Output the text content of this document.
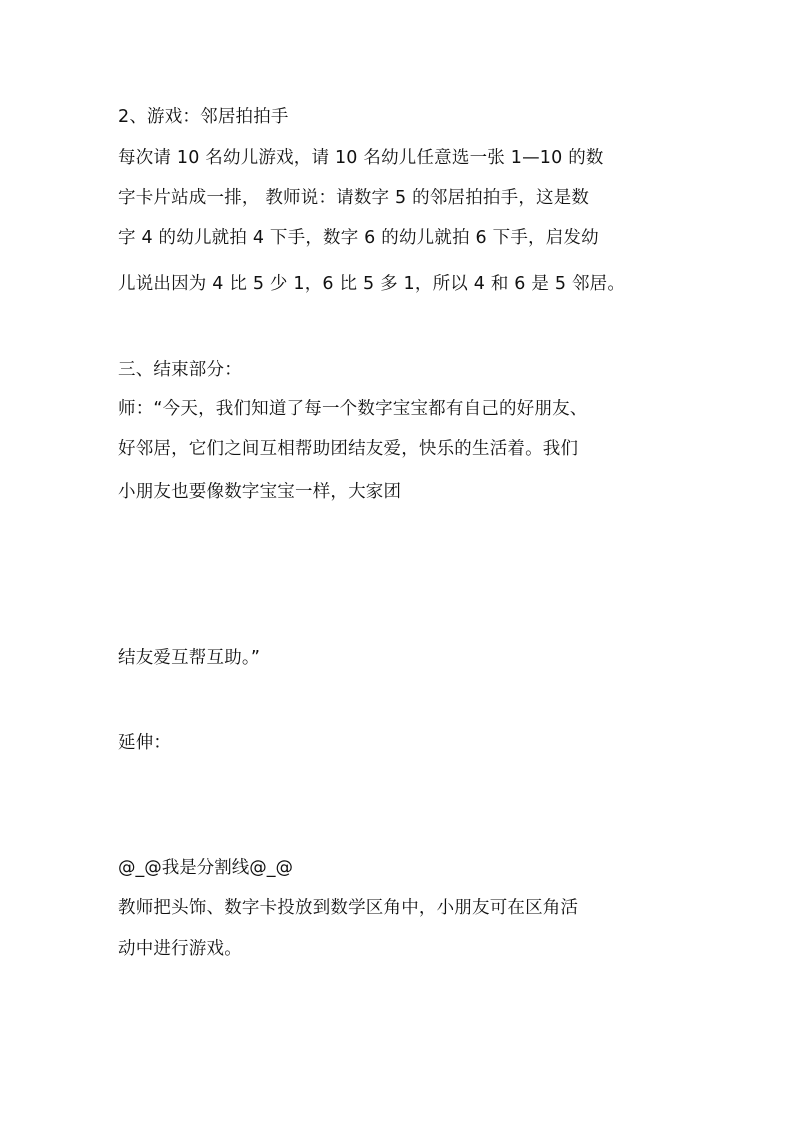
2、游戏：邻居拍拍手
每次请 10 名幼儿游戏，请 10 名幼儿任意选一张 1—10 的数
字卡片站成一排， 教师说：请数字 5 的邻居拍拍手，这是数
字 4 的幼儿就拍 4 下手，数字 6 的幼儿就拍 6 下手，启发幼
儿说出因为 4 比 5 少 1，6 比 5 多 1，所以 4 和 6 是 5 邻居。
三、结束部分：
师：“今天，我们知道了每一个数字宝宝都有自己的好朋友、
好邻居，它们之间互相帮助团结友爱，快乐的生活着。我们
小朋友也要像数字宝宝一样，大家团
结友爱互帮互助。”
延伸：
@_@我是分割线@_@
教师把头饰、数字卡投放到数学区角中，小朋友可在区角活
动中进行游戏。
